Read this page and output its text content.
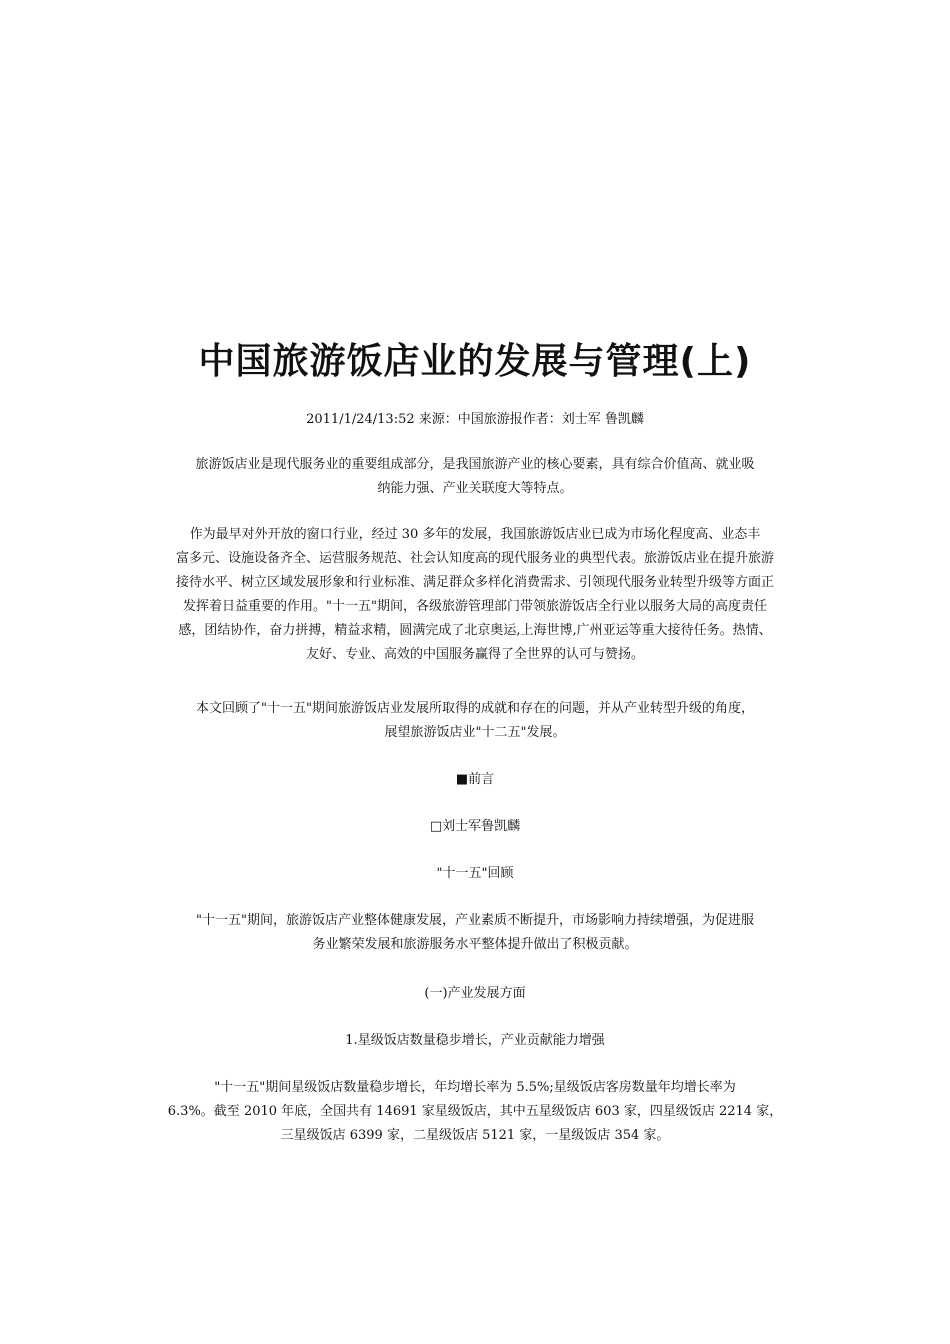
中国旅游饭店业的发展与管理(上)
2011/1/24/13:52 来源：中国旅游报作者：刘士军 鲁凯麟

旅游饭店业是现代服务业的重要组成部分，是我国旅游产业的核心要素，具有综合价值高、就业吸
纳能力强、产业关联度大等特点。

作为最早对外开放的窗口行业，经过 30 多年的发展，我国旅游饭店业已成为市场化程度高、业态丰
富多元、设施设备齐全、运营服务规范、社会认知度高的现代服务业的典型代表。旅游饭店业在提升旅游
接待水平、树立区域发展形象和行业标准、满足群众多样化消费需求、引领现代服务业转型升级等方面正
发挥着日益重要的作用。"十一五"期间，各级旅游管理部门带领旅游饭店全行业以服务大局的高度责任
感，团结协作，奋力拼搏，精益求精，圆满完成了北京奥运,上海世博,广州亚运等重大接待任务。热情、
友好、专业、高效的中国服务赢得了全世界的认可与赞扬。

本文回顾了"十一五"期间旅游饭店业发展所取得的成就和存在的问题，并从产业转型升级的角度，
展望旅游饭店业"十二五"发展。

■前言

□刘士军鲁凯麟

"十一五"回顾

"十一五"期间，旅游饭店产业整体健康发展，产业素质不断提升，市场影响力持续增强，为促进服
务业繁荣发展和旅游服务水平整体提升做出了积极贡献。

(一)产业发展方面

1.星级饭店数量稳步增长，产业贡献能力增强

"十一五"期间星级饭店数量稳步增长，年均增长率为 5.5%;星级饭店客房数量年均增长率为
6.3%。截至 2010 年底，全国共有 14691 家星级饭店，其中五星级饭店 603 家，四星级饭店 2214 家，
三星级饭店 6399 家，二星级饭店 5121 家，一星级饭店 354 家。
